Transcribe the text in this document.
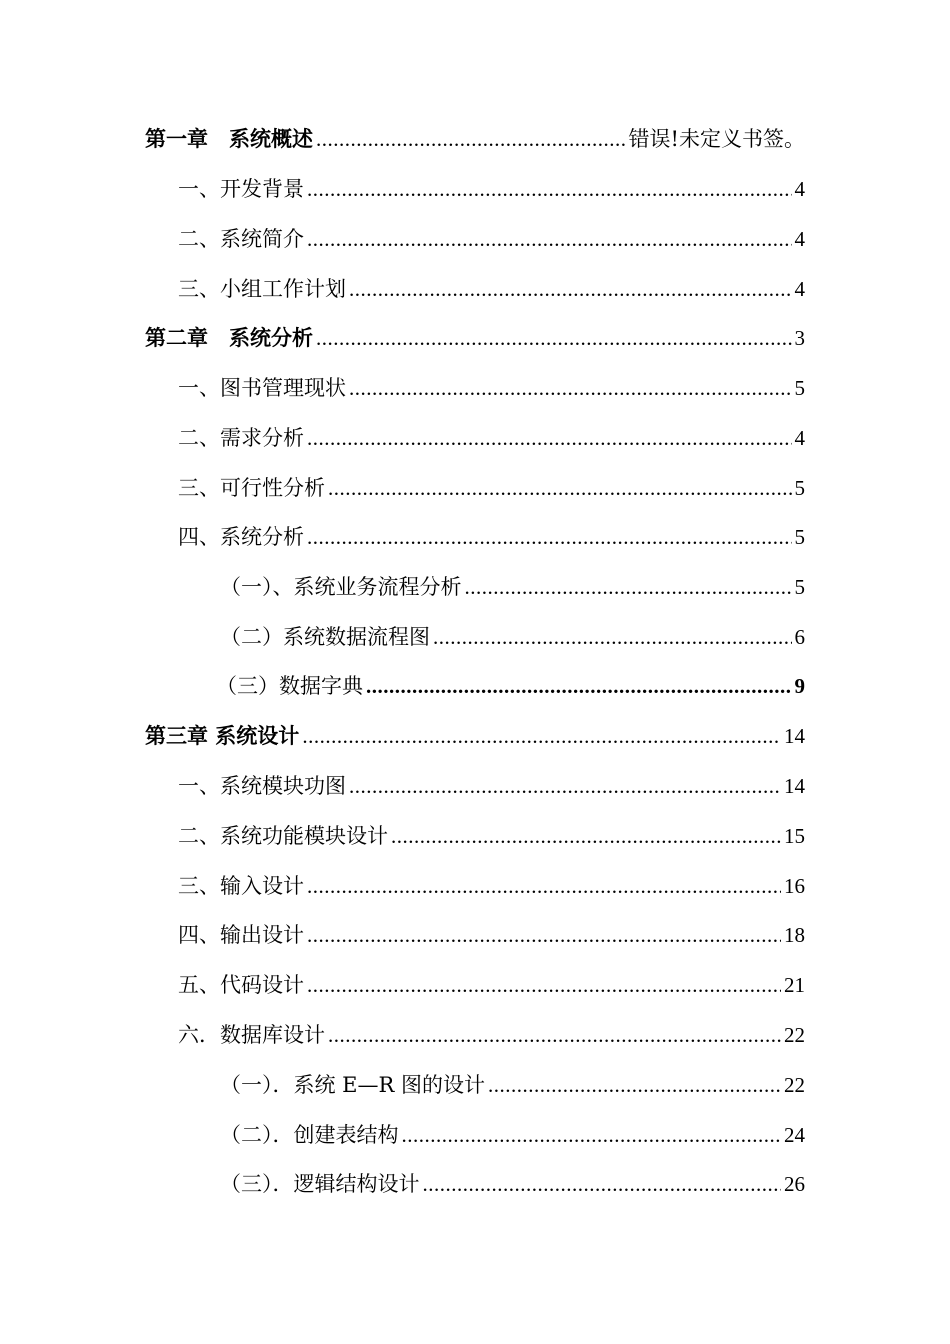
第一章　系统概述 .....	错误!未定义书签。
一、开发背景 .....	4
二、系统简介 .....	4
三、小组工作计划 .....	4
第二章　系统分析 .....	3
一、图书管理现状 .....	5
二、需求分析 .....	4
三、可行性分析 .....	5
四、系统分析 .....	5
（一）、系统业务流程分析 .....	5
（二）系统数据流程图 .....	6
（三）数据字典 .....	9
第三章 系统设计 .....	14
一、系统模块功图 .....	14
二、系统功能模块设计 .....	15
三、输入设计 .....	16
四、输出设计 .....	18
五、代码设计 .....	21
六．数据库设计 .....	22
（一）．系统 E—R 图的设计 .....	22
（二）．创建表结构 .....	24
（三）．逻辑结构设计 .....	26
